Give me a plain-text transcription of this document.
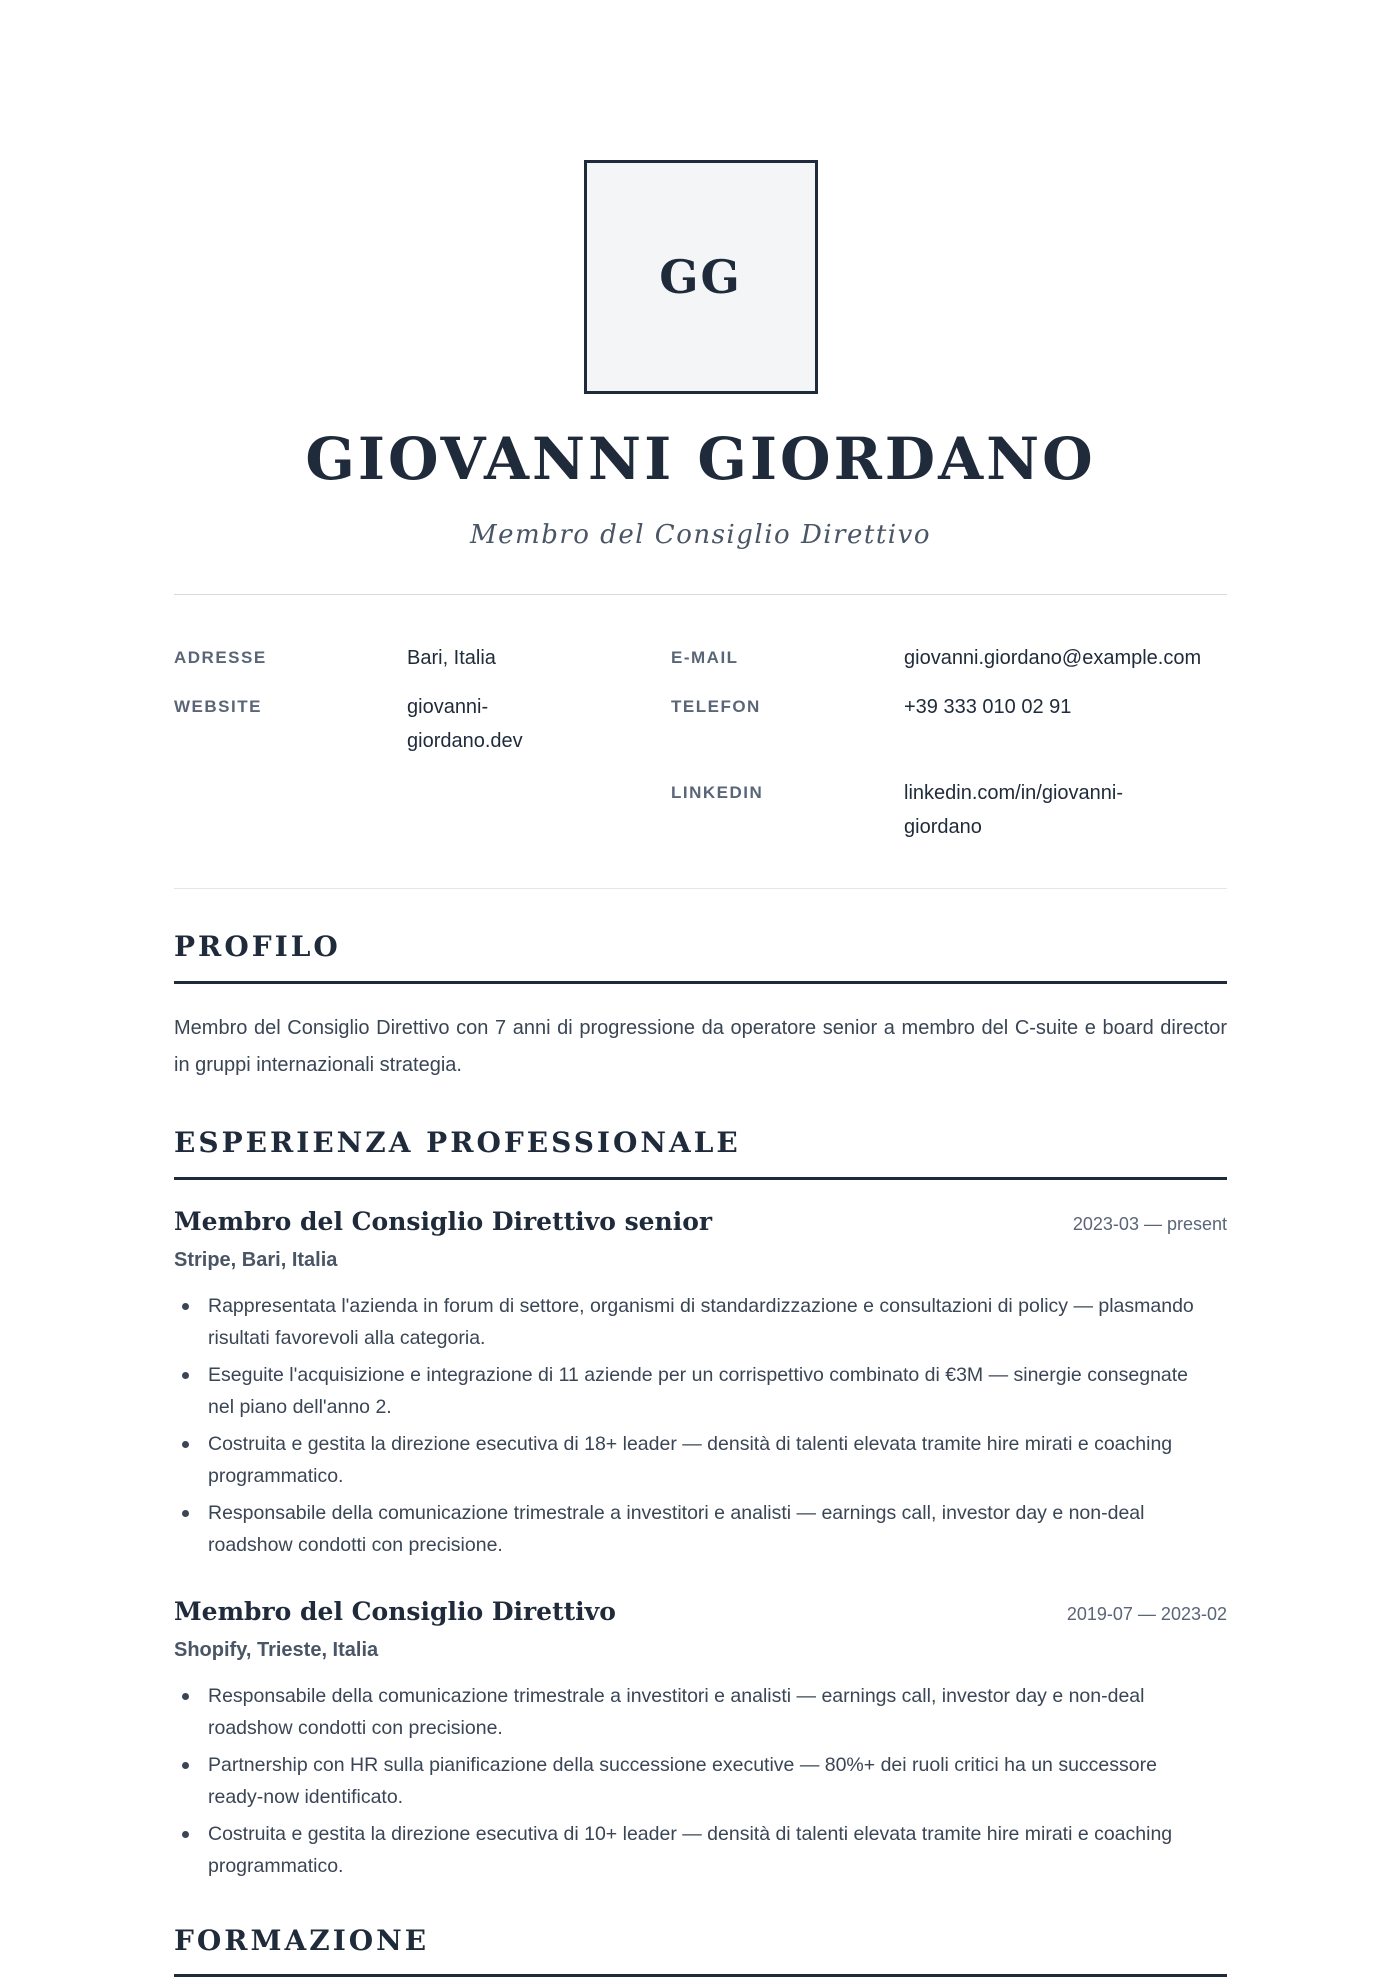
GG
GIOVANNI GIORDANO
Membro del Consiglio Direttivo
ADRESSE	Bari, Italia	E-MAIL	giovanni.giordano@example.com
WEBSITE	giovanni-giordano.dev
TELEFON	+39 333 010 02 91
LINKEDIN	linkedin.com/in/giovanni-giordano
PROFILO
Membro del Consiglio Direttivo con 7 anni di progressione da operatore senior a membro del C-suite e board director in gruppi internazionali strategia.
ESPERIENZA PROFESSIONALE
Membro del Consiglio Direttivo senior	2023-03 — present
Stripe, Bari, Italia
Rappresentata l'azienda in forum di settore, organismi di standardizzazione e consultazioni di policy — plasmando risultati favorevoli alla categoria.
Eseguite l'acquisizione e integrazione di 11 aziende per un corrispettivo combinato di €3M — sinergie consegnate nel piano dell'anno 2.
Costruita e gestita la direzione esecutiva di 18+ leader — densità di talenti elevata tramite hire mirati e coaching programmatico.
Responsabile della comunicazione trimestrale a investitori e analisti — earnings call, investor day e non-deal roadshow condotti con precisione.
Membro del Consiglio Direttivo	2019-07 — 2023-02
Shopify, Trieste, Italia
Responsabile della comunicazione trimestrale a investitori e analisti — earnings call, investor day e non-deal roadshow condotti con precisione.
Partnership con HR sulla pianificazione della successione executive — 80%+ dei ruoli critici ha un successore ready-now identificato.
Costruita e gestita la direzione esecutiva di 10+ leader — densità di talenti elevata tramite hire mirati e coaching programmatico.
FORMAZIONE
